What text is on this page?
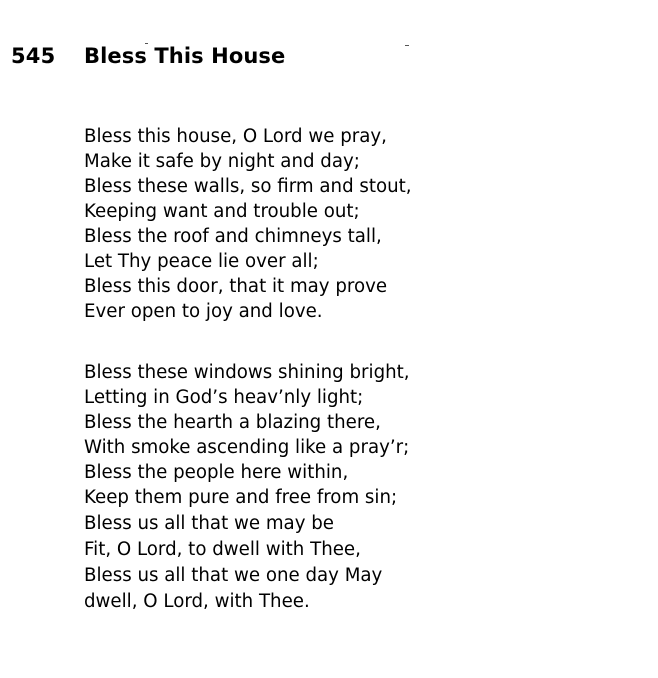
545 Bless This House
Bless this house, O Lord we pray,
Make it safe by night and day;
Bless these walls, so firm and stout,
Keeping want and trouble out;
Bless the roof and chimneys tall,
Let Thy peace lie over all;
Bless this door, that it may prove
Ever open to joy and love.
Bless these windows shining bright,
Letting in God’s heav’nly light;
Bless the hearth a blazing there,
With smoke ascending like a pray’r;
Bless the people here within,
Keep them pure and free from sin;
Bless us all that we may be
Fit, O Lord, to dwell with Thee,
Bless us all that we one day May
dwell, O Lord, with Thee.
